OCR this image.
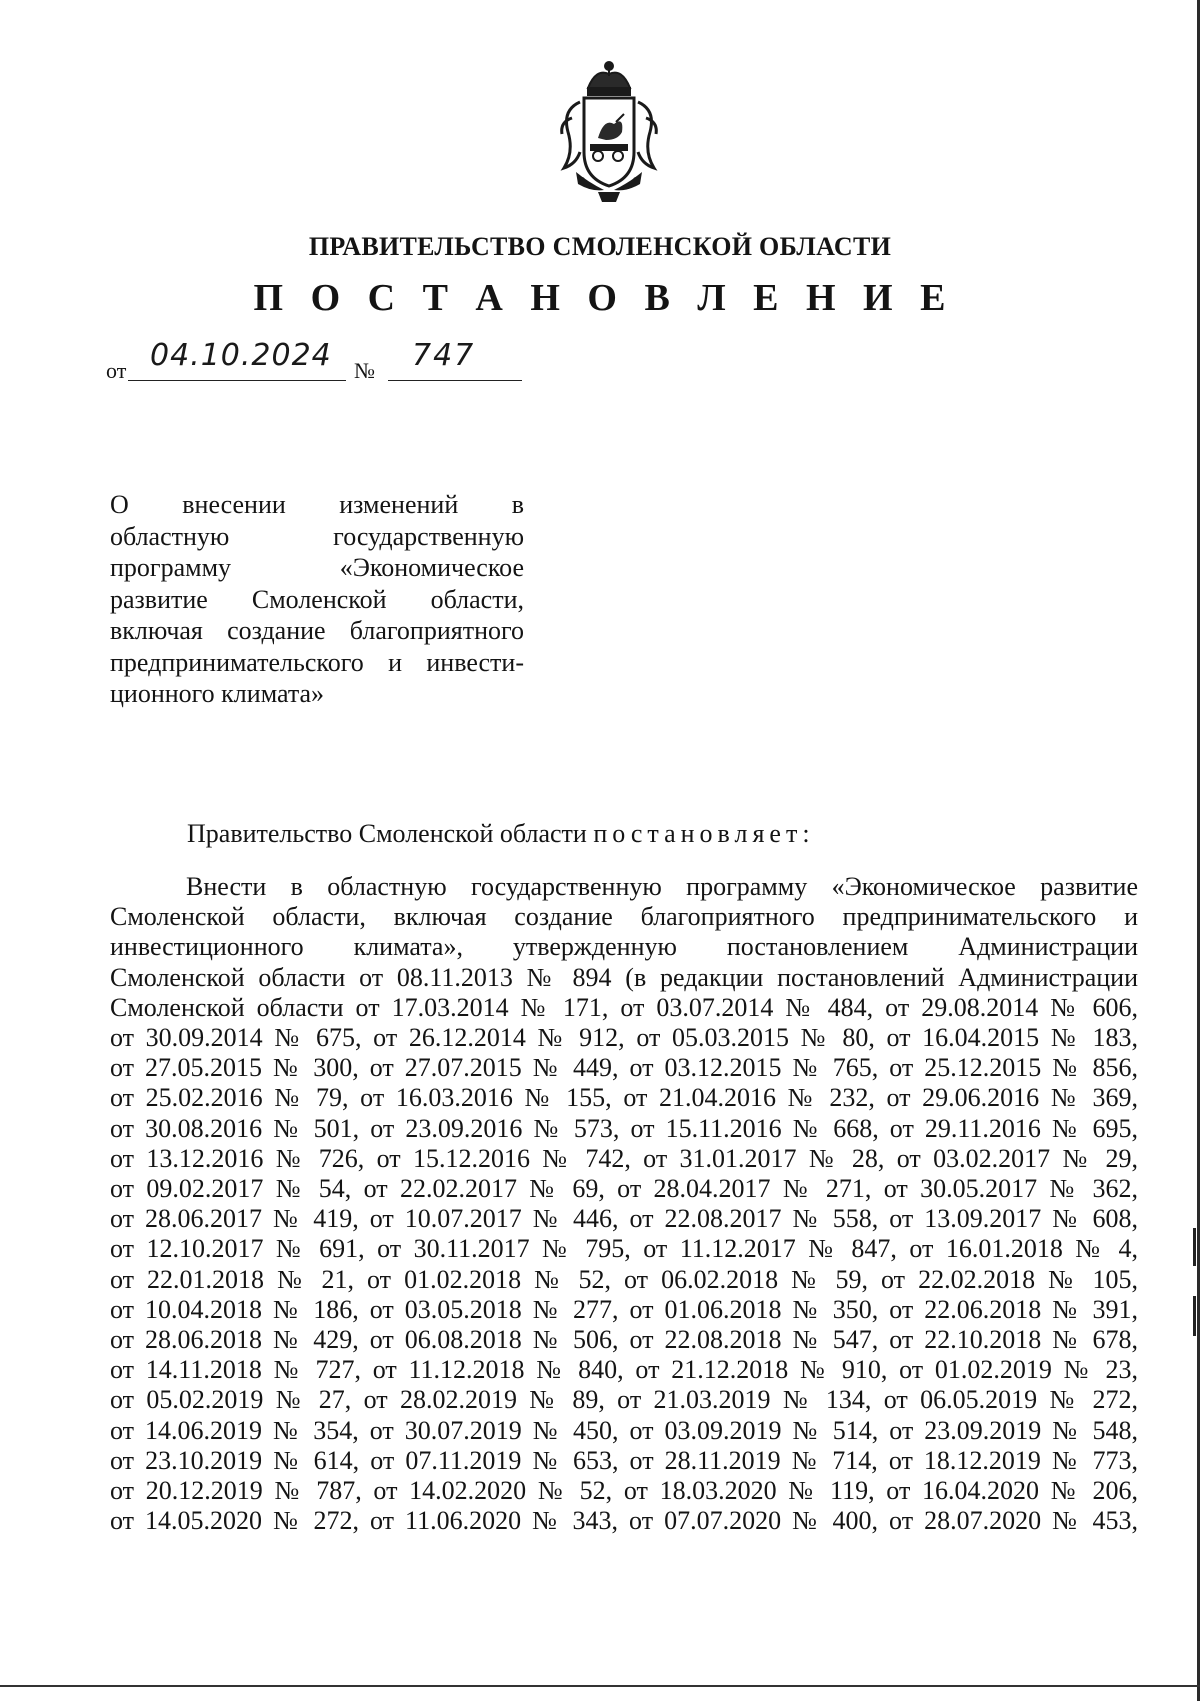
ПРАВИТЕЛЬСТВО СМОЛЕНСКОЙ ОБЛАСТИ
П О С Т А Н О В Л Е Н И Е
от 04.10.2024 № 747
О внесении изменений в
областную государственную
программу «Экономическое
развитие Смоленской области,
включая создание благоприятного
предпринимательского и инвести-
ционного климата»
Правительство Смоленской области постановляет:
Внести в областную государственную программу «Экономическое развитие
Смоленской области, включая создание благоприятного предпринимательского и
инвестиционного климата», утвержденную постановлением Администрации
Смоленской области от 08.11.2013 № 894 (в редакции постановлений Администрации
Смоленской области от 17.03.2014 № 171, от 03.07.2014 № 484, от 29.08.2014 № 606,
от 30.09.2014 № 675, от 26.12.2014 № 912, от 05.03.2015 № 80, от 16.04.2015 № 183,
от 27.05.2015 № 300, от 27.07.2015 № 449, от 03.12.2015 № 765, от 25.12.2015 № 856,
от 25.02.2016 № 79, от 16.03.2016 № 155, от 21.04.2016 № 232, от 29.06.2016 № 369,
от 30.08.2016 № 501, от 23.09.2016 № 573, от 15.11.2016 № 668, от 29.11.2016 № 695,
от 13.12.2016 № 726, от 15.12.2016 № 742, от 31.01.2017 № 28, от 03.02.2017 № 29,
от 09.02.2017 № 54, от 22.02.2017 № 69, от 28.04.2017 № 271, от 30.05.2017 № 362,
от 28.06.2017 № 419, от 10.07.2017 № 446, от 22.08.2017 № 558, от 13.09.2017 № 608,
от 12.10.2017 № 691, от 30.11.2017 № 795, от 11.12.2017 № 847, от 16.01.2018 № 4,
от 22.01.2018 № 21, от 01.02.2018 № 52, от 06.02.2018 № 59, от 22.02.2018 № 105,
от 10.04.2018 № 186, от 03.05.2018 № 277, от 01.06.2018 № 350, от 22.06.2018 № 391,
от 28.06.2018 № 429, от 06.08.2018 № 506, от 22.08.2018 № 547, от 22.10.2018 № 678,
от 14.11.2018 № 727, от 11.12.2018 № 840, от 21.12.2018 № 910, от 01.02.2019 № 23,
от 05.02.2019 № 27, от 28.02.2019 № 89, от 21.03.2019 № 134, от 06.05.2019 № 272,
от 14.06.2019 № 354, от 30.07.2019 № 450, от 03.09.2019 № 514, от 23.09.2019 № 548,
от 23.10.2019 № 614, от 07.11.2019 № 653, от 28.11.2019 № 714, от 18.12.2019 № 773,
от 20.12.2019 № 787, от 14.02.2020 № 52, от 18.03.2020 № 119, от 16.04.2020 № 206,
от 14.05.2020 № 272, от 11.06.2020 № 343, от 07.07.2020 № 400, от 28.07.2020 № 453,
